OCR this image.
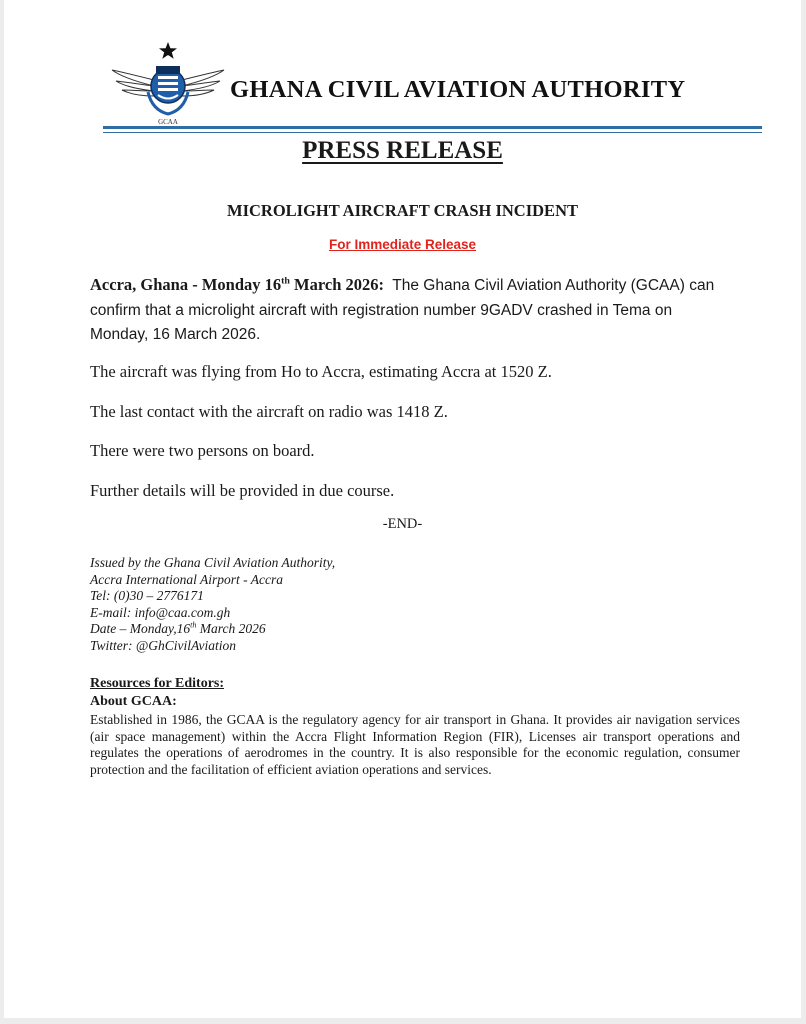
GCAA
GHANA CIVIL AVIATION AUTHORITY
PRESS RELEASE
MICROLIGHT AIRCRAFT CRASH INCIDENT
For Immediate Release
Accra, Ghana - Monday 16th March 2026: The Ghana Civil Aviation Authority (GCAA) can confirm that a microlight aircraft with registration number 9GADV crashed in Tema on Monday, 16 March 2026.
The aircraft was flying from Ho to Accra, estimating Accra at 1520 Z.
The last contact with the aircraft on radio was 1418 Z.
There were two persons on board.
Further details will be provided in due course.
-END-
Issued by the Ghana Civil Aviation Authority,
Accra International Airport - Accra
Tel: (0)30 – 2776171
E-mail: info@caa.com.gh
Date – Monday,16th March 2026
Twitter: @GhCivilAviation
Resources for Editors:
About GCAA:
Established in 1986, the GCAA is the regulatory agency for air transport in Ghana. It provides air navigation services (air space management) within the Accra Flight Information Region (FIR), Licenses air transport operations and regulates the operations of aerodromes in the country. It is also responsible for the economic regulation, consumer protection and the facilitation of efficient aviation operations and services.
